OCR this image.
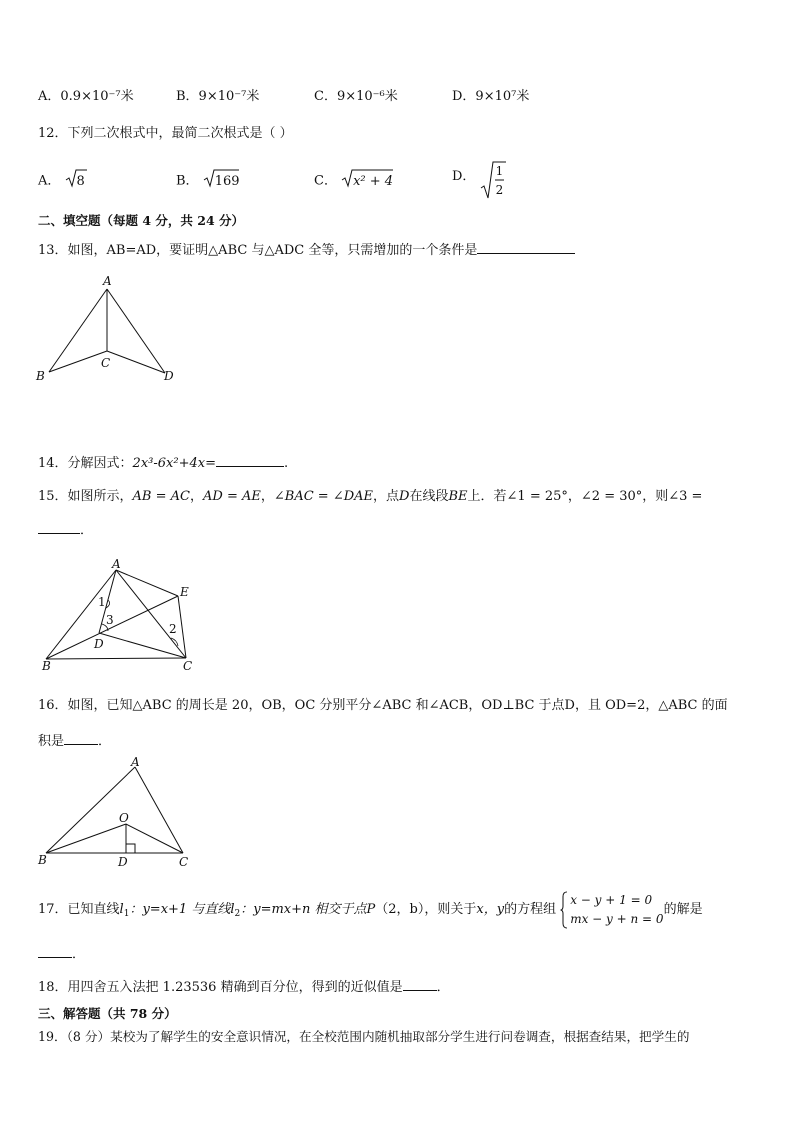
A．0.9×10⁻⁷米	B．9×10⁻⁷米	C．9×10⁻⁶米	D．9×10⁷米
12．下列二次根式中，最简二次根式是（ ）
A． 8	B． 169	C． x² + 4	D． 1
2
二、填空题（每题 4 分，共 24 分）
13．如图，AB=AD，要证明△ABC 与△ADC 全等，只需增加的一个条件是
A
B
C
D
14．分解因式：2x³-6x²+4x=	.
15．如图所示，AB = AC，AD = AE，∠BAC = ∠DAE，点D在线段BE上．若∠1 = 25°，∠2 = 30°，则∠3 =
．
A
E
B	C
D
1
3
2
16．如图，已知△ABC 的周长是 20，OB，OC 分别平分∠ABC 和∠ACB，OD⊥BC 于点D，且 OD=2，△ABC 的面
积是	．
A
O
B	D	C
17．已知直线$l_1$：y=x+1 与直线$l_2$：y=mx+n 相交于点P（2，b），则关于x，y的方程组
x − y + 1 = 0
mx − y + n = 0
的解是
．
18．用四舍五入法把 1.23536 精确到百分位，得到的近似值是	．
三、解答题（共 78 分）
19．（8 分）某校为了解学生的安全意识情况，在全校范围内随机抽取部分学生进行问卷调查，根据查结果，把学生的
